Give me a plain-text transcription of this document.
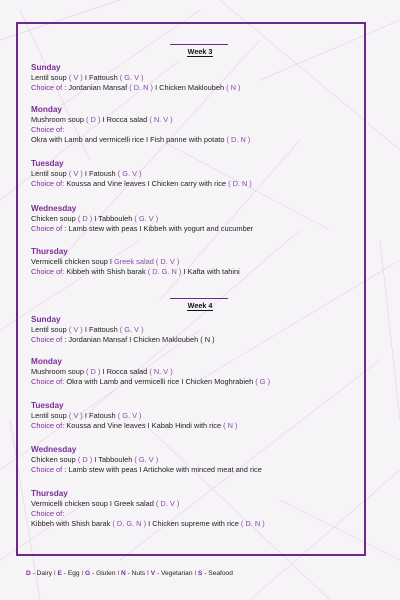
Week 3
Week 4
Sunday
Lentil soup ( V ) I Fattoush ( G. V )
Choice of : Jordanian Mansaf ( D. N ) I Chicken Makloubeh ( N )
Monday
Mushroom soup ( D ) I Rocca salad ( N. V )
Choice of:
Okra with Lamb and vermicelli rice I Fish panne with potato ( D. N )
Tuesday
Lentil soup ( V ) I Fatoush ( G. V )
Choice of: Koussa and Vine leaves I Chicken carry with rice ( D. N )
Wednesday
Chicken soup ( D ) I Tabbouleh ( G. V )
Choice of : Lamb stew with peas I Kibbeh with yogurt and cucumber
Thursday
Vermicelli chicken soup I Greek salad ( D. V )
Choice of: Kibbeh with Shish barak ( D. G. N ) I Kafta with tahini
Sunday
Lentil soup ( V ) I Fattoush ( G. V )
Choice of : Jordanian Mansaf I Chicken Makloubeh ( N )
Monday
Mushroom soup ( D ) I Rocca salad ( N. V )
Choice of: Okra with Lamb and vermicelli rice I Chicken Moghrabieh ( G )
Tuesday
Lentil soup ( V ) I Fatoush ( G. V )
Choice of: Koussa and Vine leaves I Kabab Hindi with rice ( N )
Wednesday
Chicken soup ( D ) I Tabbouleh ( G. V )
Choice of : Lamb stew with peas I Artichoke with minced meat and rice
Thursday
Vermicelli chicken soup I Greek salad ( D. V )
Choice of:
Kibbeh with Shish barak ( D. G. N ) I Chicken supreme with rice ( D. N )
D - Dairy I E - Egg I G - Gluten I N - Nuts I V - Vegetarian I S - Seafood
